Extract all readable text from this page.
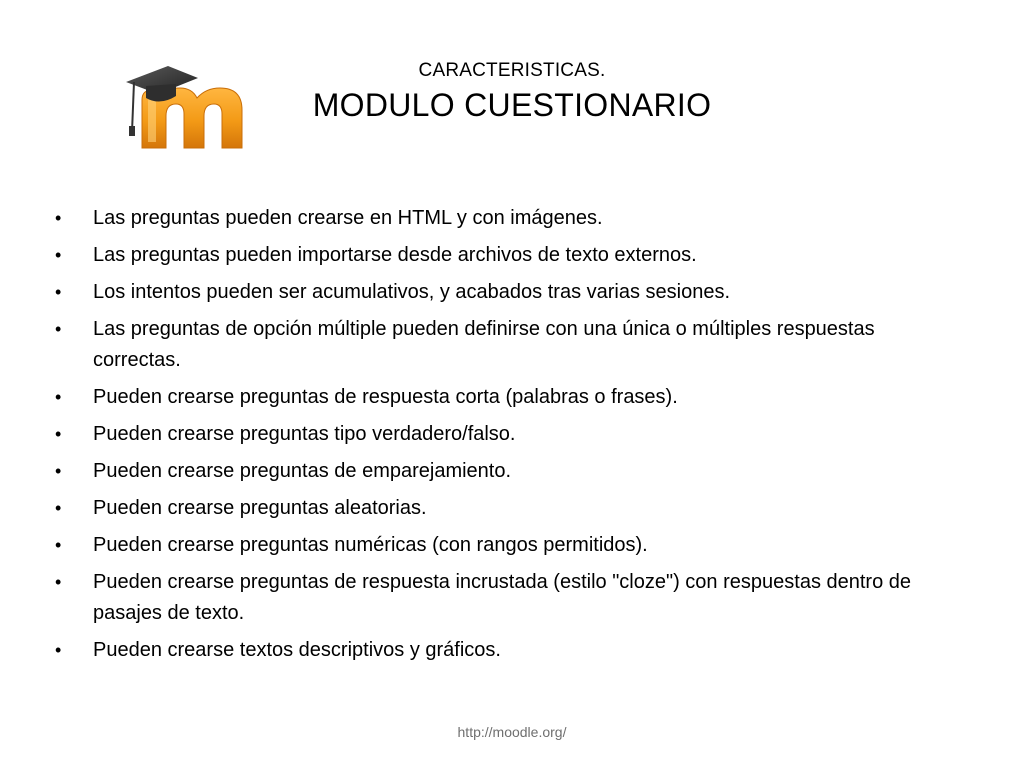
CARACTERISTICAS.
MODULO CUESTIONARIO
• Las preguntas pueden crearse en HTML y con imágenes.
• Las preguntas pueden importarse desde archivos de texto externos.
• Los intentos pueden ser acumulativos, y acabados tras varias sesiones.
• Las preguntas de opción múltiple pueden definirse con una única o múltiples respuestas correctas.
• Pueden crearse preguntas de respuesta corta (palabras o frases).
• Pueden crearse preguntas tipo verdadero/falso.
• Pueden crearse preguntas de emparejamiento.
• Pueden crearse preguntas aleatorias.
• Pueden crearse preguntas numéricas (con rangos permitidos).
• Pueden crearse preguntas de respuesta incrustada (estilo "cloze") con respuestas dentro de pasajes de texto.
• Pueden crearse textos descriptivos y gráficos.
http://moodle.org/
